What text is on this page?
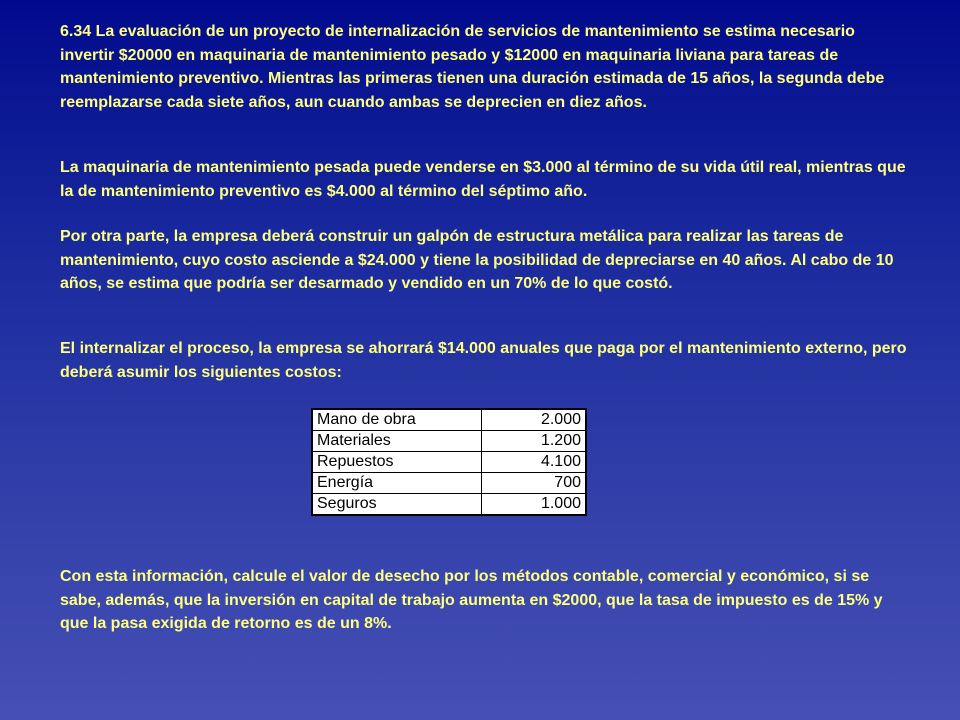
6.34 La evaluación de un proyecto de internalización de servicios de mantenimiento se estima necesario invertir $20000 en maquinaria de mantenimiento pesado y $12000 en maquinaria liviana para tareas de mantenimiento preventivo. Mientras las primeras tienen una duración estimada de 15 años, la segunda debe reemplazarse cada siete años, aun cuando ambas se deprecien en diez años.

La maquinaria de mantenimiento pesada puede venderse en $3.000 al término de su vida útil real, mientras que la de mantenimiento preventivo es $4.000 al término del séptimo año.

Por otra parte, la empresa deberá construir un galpón de estructura metálica para realizar las tareas de mantenimiento, cuyo costo asciende a $24.000 y tiene la posibilidad de depreciarse en 40 años. Al cabo de 10 años, se estima que podría ser desarmado y vendido en un 70% de lo que costó.

El internalizar el proceso, la empresa se ahorrará $14.000 anuales que paga por el mantenimiento externo, pero deberá asumir los siguientes costos:

Mano de obra	2.000
Materiales	1.200
Repuestos	4.100
Energía	700
Seguros	1.000

Con esta información, calcule el valor de desecho por los métodos contable, comercial y económico, si se sabe, además, que la inversión en capital de trabajo aumenta en $2000, que la tasa de impuesto es de 15% y que la pasa exigida de retorno es de un 8%.
